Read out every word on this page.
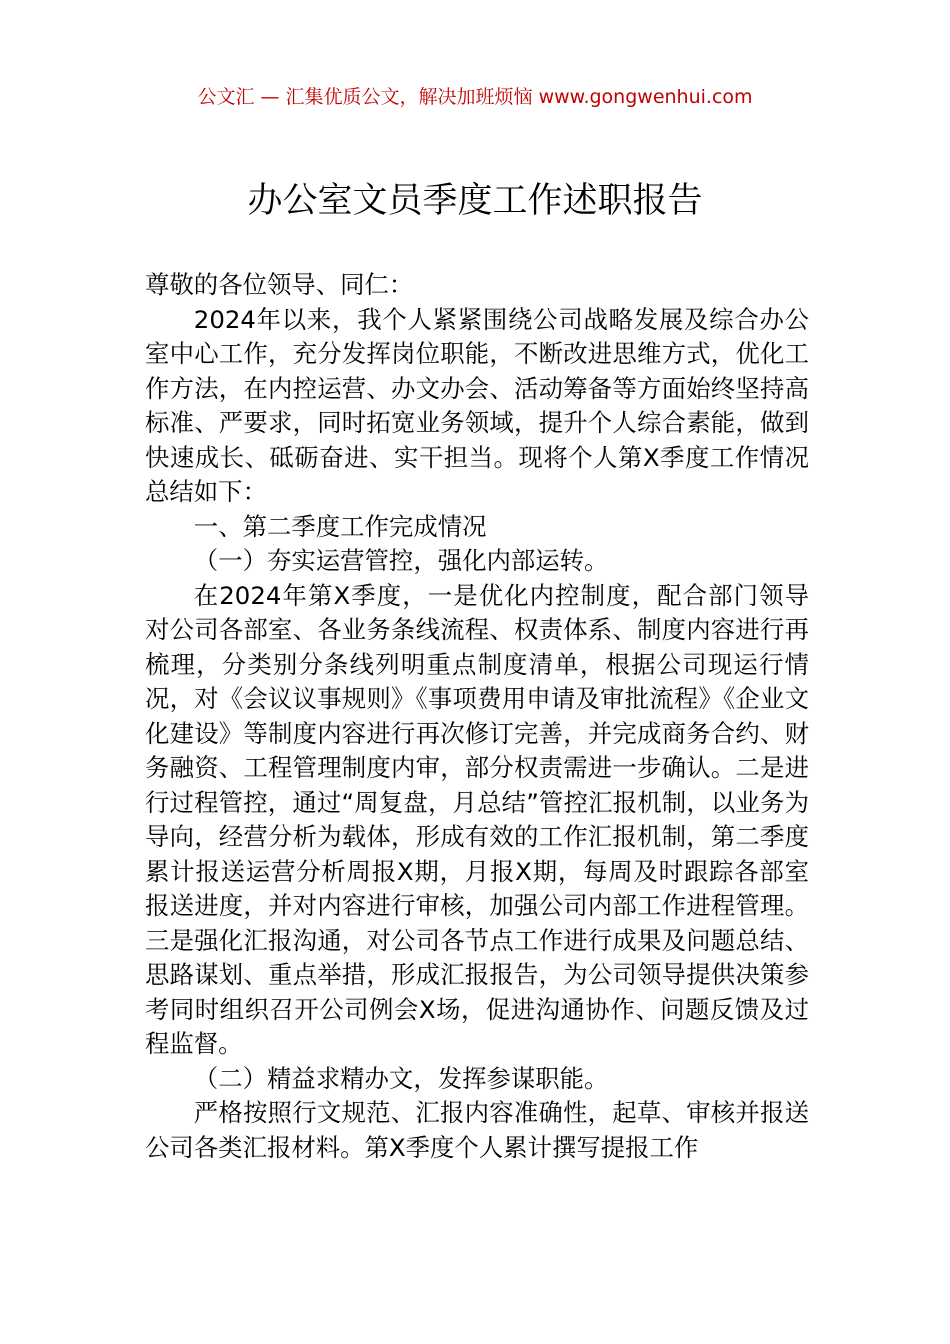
公文汇 — 汇集优质公文，解决加班烦恼 www.gongwenhui.com
办公室文员季度工作述职报告

尊敬的各位领导、同仁：

2024年以来，我个人紧紧围绕公司战略发展及综合办公室中心工作，充分发挥岗位职能，不断改进思维方式，优化工作方法，在内控运营、办文办会、活动筹备等方面始终坚持高标准、严要求，同时拓宽业务领域，提升个人综合素能，做到快速成长、砥砺奋进、实干担当。现将个人第X季度工作情况总结如下：

一、第二季度工作完成情况

（一）夯实运营管控，强化内部运转。

在2024年第X季度，一是优化内控制度，配合部门领导对公司各部室、各业务条线流程、权责体系、制度内容进行再梳理，分类别分条线列明重点制度清单，根据公司现运行情况，对《会议议事规则》《事项费用申请及审批流程》《企业文化建设》等制度内容进行再次修订完善，并完成商务合约、财务融资、工程管理制度内审，部分权责需进一步确认。二是进行过程管控，通过“周复盘，月总结”管控汇报机制，以业务为导向，经营分析为载体，形成有效的工作汇报机制，第二季度累计报送运营分析周报X期，月报X期，每周及时跟踪各部室报送进度，并对内容进行审核，加强公司内部工作进程管理。三是强化汇报沟通，对公司各节点工作进行成果及问题总结、思路谋划、重点举措，形成汇报报告，为公司领导提供决策参考同时组织召开公司例会X场，促进沟通协作、问题反馈及过程监督。

（二）精益求精办文，发挥参谋职能。

严格按照行文规范、汇报内容准确性，起草、审核并报送公司各类汇报材料。第X季度个人累计撰写提报工作
